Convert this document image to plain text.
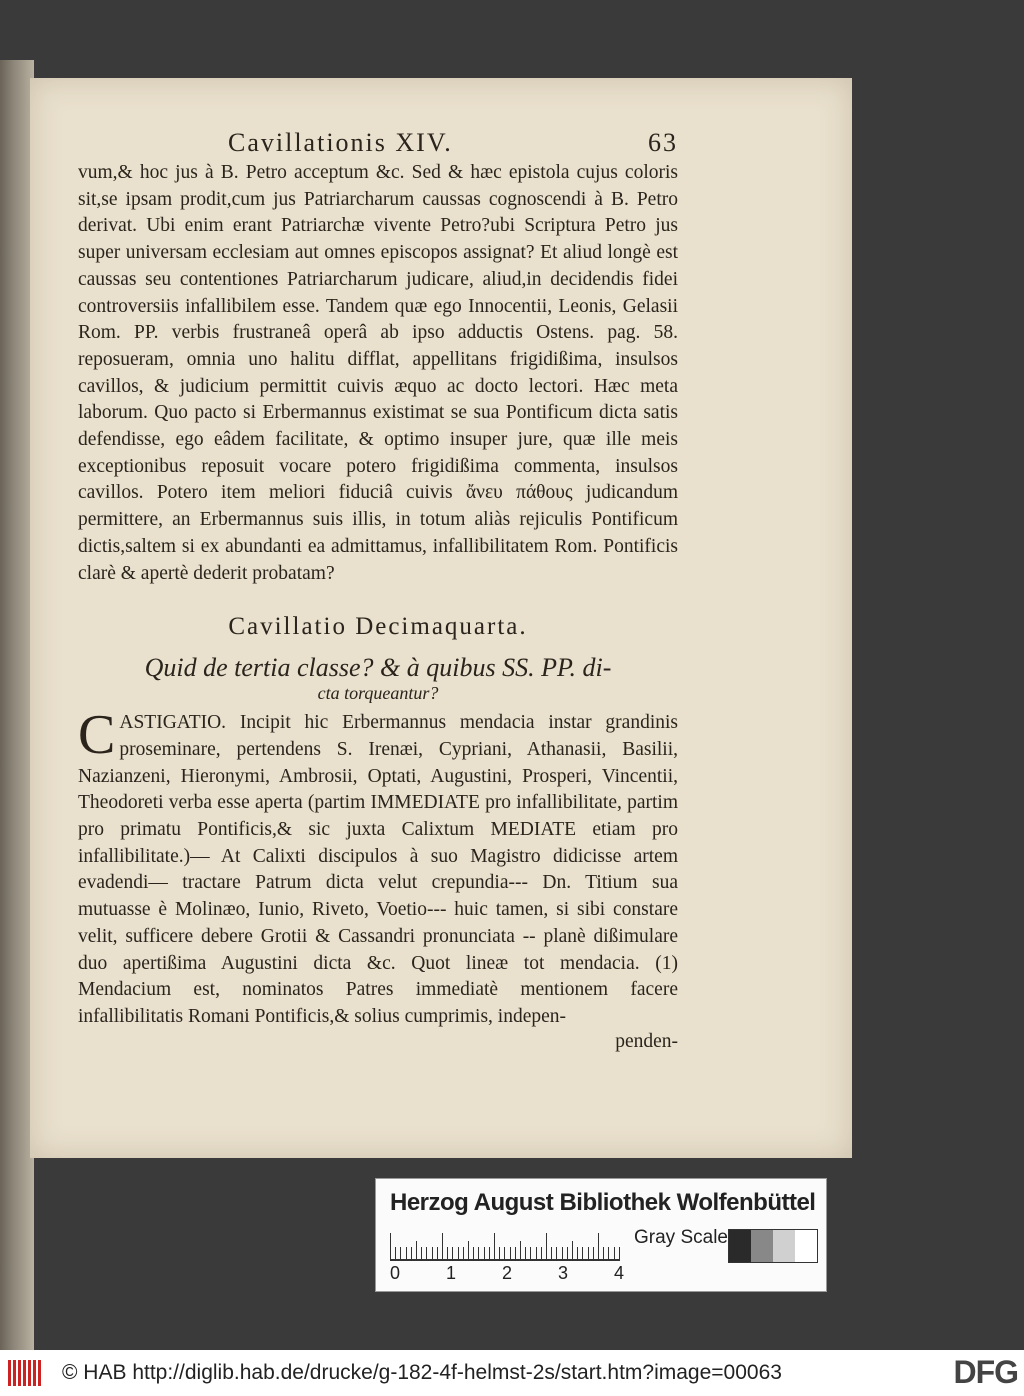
Cavillationis XIV.	63

vum,& hoc jus à B. Petro acceptum &c. Sed & hæc epistola cujus coloris sit,se ipsam prodit,cum jus Patriarcharum caussas cognoscendi à B. Petro derivat. Ubi enim erant Patriarchæ vivente Petro?ubi Scriptura Petro jus super universam ecclesiam aut omnes episcopos assignat? Et aliud longè est caussas seu contentiones Patriarcharum judicare, aliud,in decidendis fidei controversiis infallibilem esse. Tandem quæ ego Innocentii, Leonis, Gelasii Rom. PP. verbis frustraneâ operâ ab ipso adductis Ostens. pag. 58. reposueram, omnia uno halitu difflat, appellitans frigidißima, insulsos cavillos, & judicium permittit cuivis æquo ac docto lectori. Hæc meta laborum. Quo pacto si Erbermannus existimat se sua Pontificum dicta satis defendisse, ego eâdem facilitate, & optimo insuper jure, quæ ille meis exceptionibus reposuit vocare potero frigidißima commenta, insulsos cavillos. Potero item meliori fiduciâ cuivis ἄνευ πάθους judicandum permittere, an Erbermannus suis illis, in totum aliàs rejiculis Pontificum dictis,saltem si ex abundanti ea admittamus, infallibilitatem Rom. Pontificis clarè & apertè dederit probatam?

Cavillatio Decimaquarta.
Quid de tertia classe? & à quibus SS. PP. di-
cta torqueantur?
C ASTIGATIO. Incipit hic Erbermannus mendacia instar grandinis proseminare, pertendens S. Irenæi, Cypriani, Athanasii, Basilii, Nazianzeni, Hieronymi, Ambrosii, Optati, Augustini, Prosperi, Vincentii, Theodoreti verba esse aperta (partim IMMEDIATE pro infallibilitate, partim pro primatu Pontificis,& sic juxta Calixtum MEDIATE etiam pro infallibilitate.)— At Calixti discipulos à suo Magistro didicisse artem evadendi— tractare Patrum dicta velut crepundia--- Dn. Titium sua mutuasse è Molinæo, Iunio, Riveto, Voetio--- huic tamen, si sibi constare velit, sufficere debere Grotii & Cassandri pronunciata -- planè dißimulare duo apertißima Augustini dicta &c. Quot lineæ tot mendacia. (1) Mendacium est, nominatos Patres immediatè mentionem facere infallibilitatis Romani Pontificis,& solius cumprimis, indepen-

penden-
Herzog August Bibliothek Wolfenbüttel
0	1	2	3	4
Gray Scale
© HAB http://diglib.hab.de/drucke/g-182-4f-helmst-2s/start.htm?image=00063	DFG
